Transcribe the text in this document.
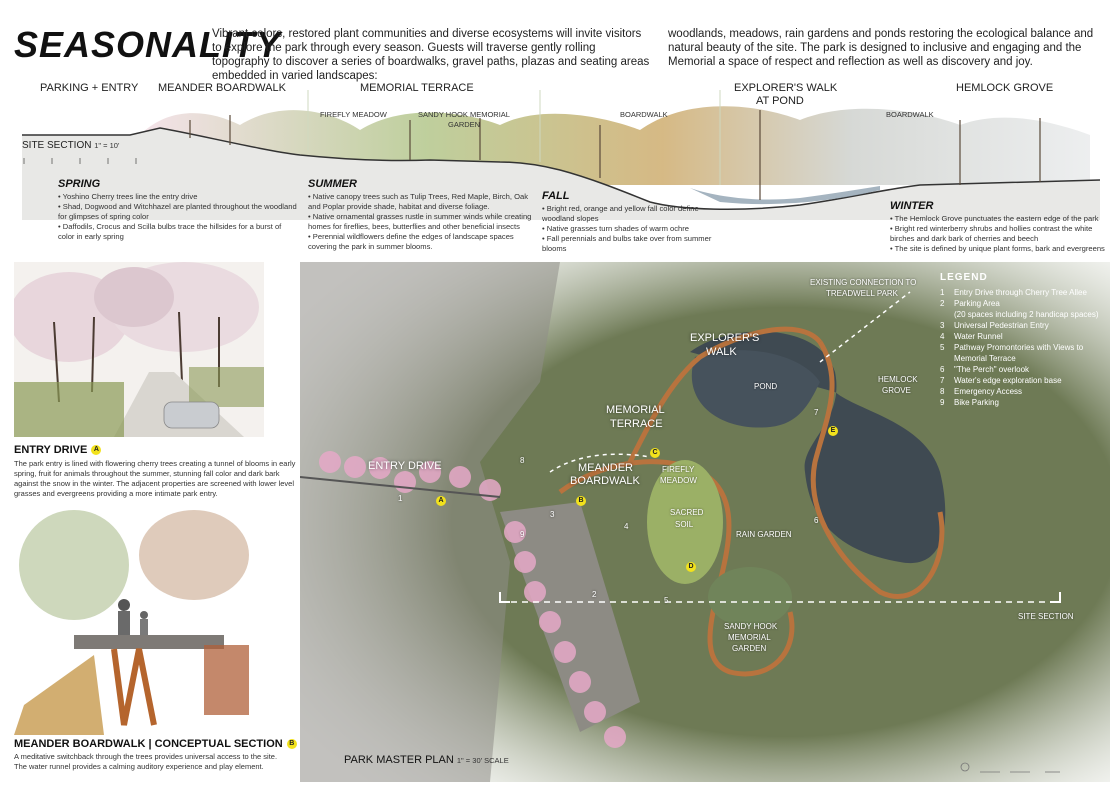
SEASONALITY
Vibrant colors, restored plant communities and diverse ecosystems will invite visitors to explore the park through every season. Guests will traverse gently rolling topography to discover a series of boardwalks, gravel paths, plazas and seating areas embedded in varied landscapes:
woodlands, meadows, rain gardens and ponds restoring the ecological balance and natural beauty of the site. The park is designed to inclusive and engaging and the Memorial a space of respect and reflection as well as discovery and joy.
PARKING + ENTRY MEANDER BOARDWALK	MEMORIAL TERRACE	EXPLORER'S WALK
AT POND
HEMLOCK GROVE
FIREFLY MEADOW	SANDY HOOK MEMORIAL
GARDEN
BOARDWALK	BOARDWALK
SITE SECTION 1" = 10'
SPRING
• Yoshino Cherry trees line the entry drive
• Shad, Dogwood and Witchhazel are planted throughout the woodland for glimpses of spring color
• Daffodils, Crocus and Scilla bulbs trace the hillsides for a burst of color in early spring
SUMMER
• Native canopy trees such as Tulip Trees, Red Maple, Birch, Oak and Poplar provide shade, habitat and diverse foliage.
• Native ornamental grasses rustle in summer winds while creating homes for fireflies, bees, butterflies and other beneficial insects
• Perennial wildflowers define the edges of landscape spaces covering the park in summer blooms.
FALL
• Bright red, orange and yellow fall color define woodland slopes
• Native grasses turn shades of warm ochre
• Fall perennials and bulbs take over from summer blooms
WINTER
• The Hemlock Grove punctuates the eastern edge of the park
• Bright red winterberry shrubs and hollies contrast the white birches and dark bark of cherries and beech
• The site is defined by unique plant forms, bark and evergreens
ENTRY DRIVE A
The park entry is lined with flowering cherry trees creating a tunnel of blooms in early spring, fruit for animals throughout the summer, stunning fall color and dark bark against the snow in the winter. The adjacent properties are screened with lower level grasses and evergreens providing a more intimate park entry.
MEANDER BOARDWALK | CONCEPTUAL SECTION B
A meditative switchback through the trees provides universal access to the site. The water runnel provides a calming auditory experience and play element.
ENTRY DRIVE	MEANDER
BOARDWALK
MEMORIAL
TERRACE
EXPLORER'S
WALK
POND
HEMLOCK
GROVE
FIREFLY
MEADOW
SACRED
SOIL
RAIN GARDEN
SANDY HOOK
MEMORIAL
GARDEN
EXISTING CONNECTION TO
TREADWELL PARK
SITE SECTION
A	B
C
D
E
1
2
3
4
5
6
7
8
9
PARK MASTER PLAN 1" = 30' SCALE
LEGEND
1 Entry Drive through Cherry Tree Allee
2 Parking Area
(20 spaces including 2 handicap spaces)
3 Universal Pedestrian Entry
4 Water Runnel
5 Pathway Promontories with Views to
Memorial Terrace
6 "The Perch" overlook
7 Water's edge exploration base
8 Emergency Access
9 Bike Parking
